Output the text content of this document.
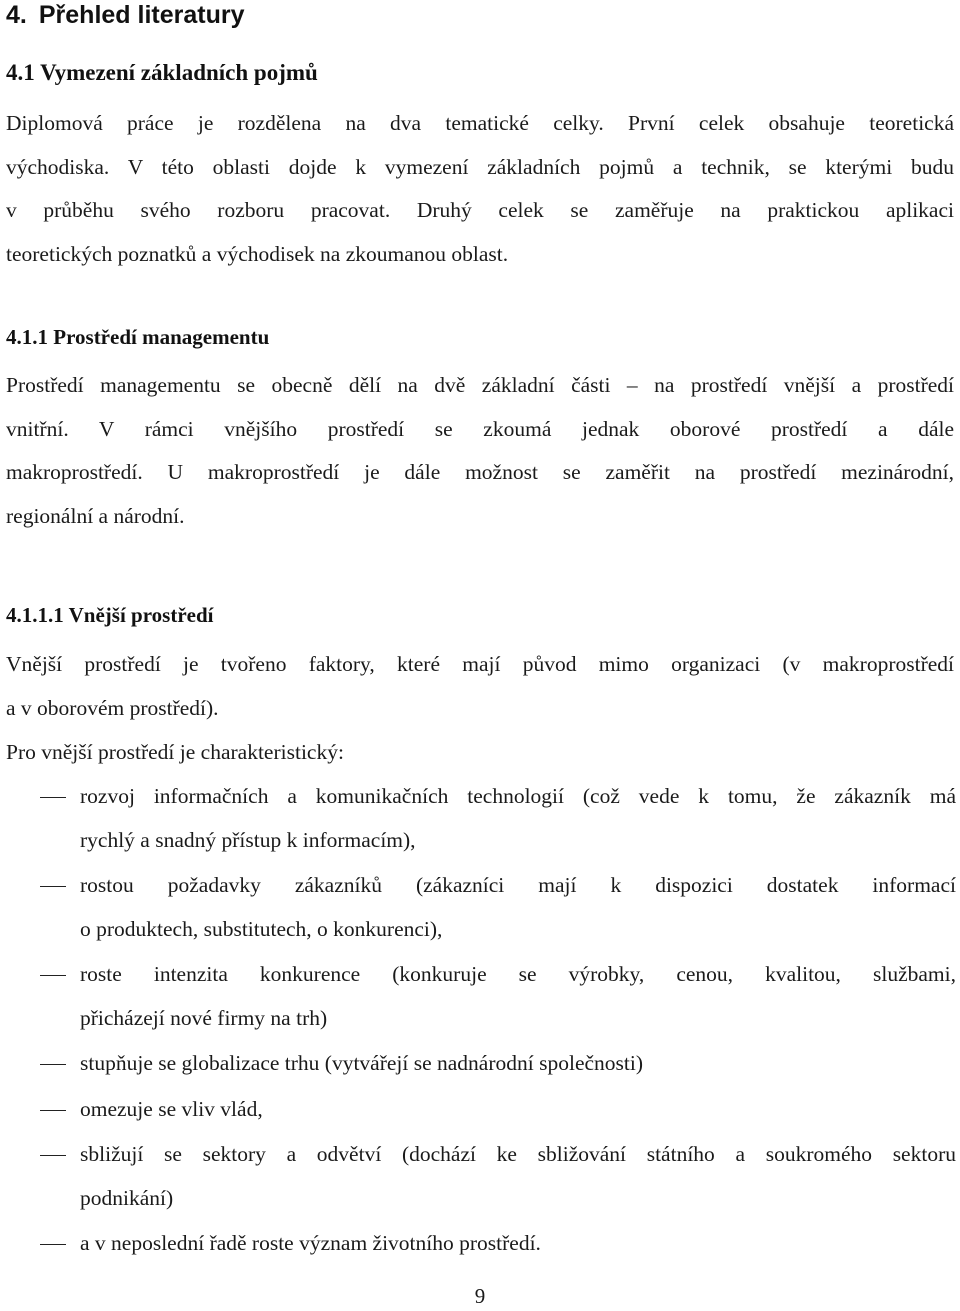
4. Přehled literatury
4.1 Vymezení základních pojmů

Diplomová práce je rozdělena na dva tematické celky. První celek obsahuje teoretická
východiska. V této oblasti dojde k vymezení základních pojmů a technik, se kterými budu
v průběhu svého rozboru pracovat. Druhý celek se zaměřuje na praktickou aplikaci
teoretických poznatků a východisek na zkoumanou oblast.

4.1.1 Prostředí managementu

Prostředí managementu se obecně dělí na dvě základní části – na prostředí vnější a prostředí
vnitřní. V rámci vnějšího prostředí se zkoumá jednak oborové prostředí a dále
makroprostředí. U makroprostředí je dále možnost se zaměřit na prostředí mezinárodní,
regionální a národní.

4.1.1.1 Vnější prostředí

Vnější prostředí je tvořeno faktory, které mají původ mimo organizaci (v makroprostředí
a v oborovém prostředí).

Pro vnější prostředí je charakteristický:

rozvoj informačních a komunikačních technologií (což vede k tomu, že zákazník má
rychlý a snadný přístup k informacím),
rostou požadavky zákazníků (zákazníci mají k dispozici dostatek informací
o produktech, substitutech, o konkurenci),
roste intenzita konkurence (konkuruje se výrobky, cenou, kvalitou, službami,
přicházejí nové firmy na trh)
stupňuje se globalizace trhu (vytvářejí se nadnárodní společnosti)
omezuje se vliv vlád,
sbližují se sektory a odvětví (dochází ke sbližování státního a soukromého sektoru
podnikání)
a v neposlední řadě roste význam životního prostředí.
9
